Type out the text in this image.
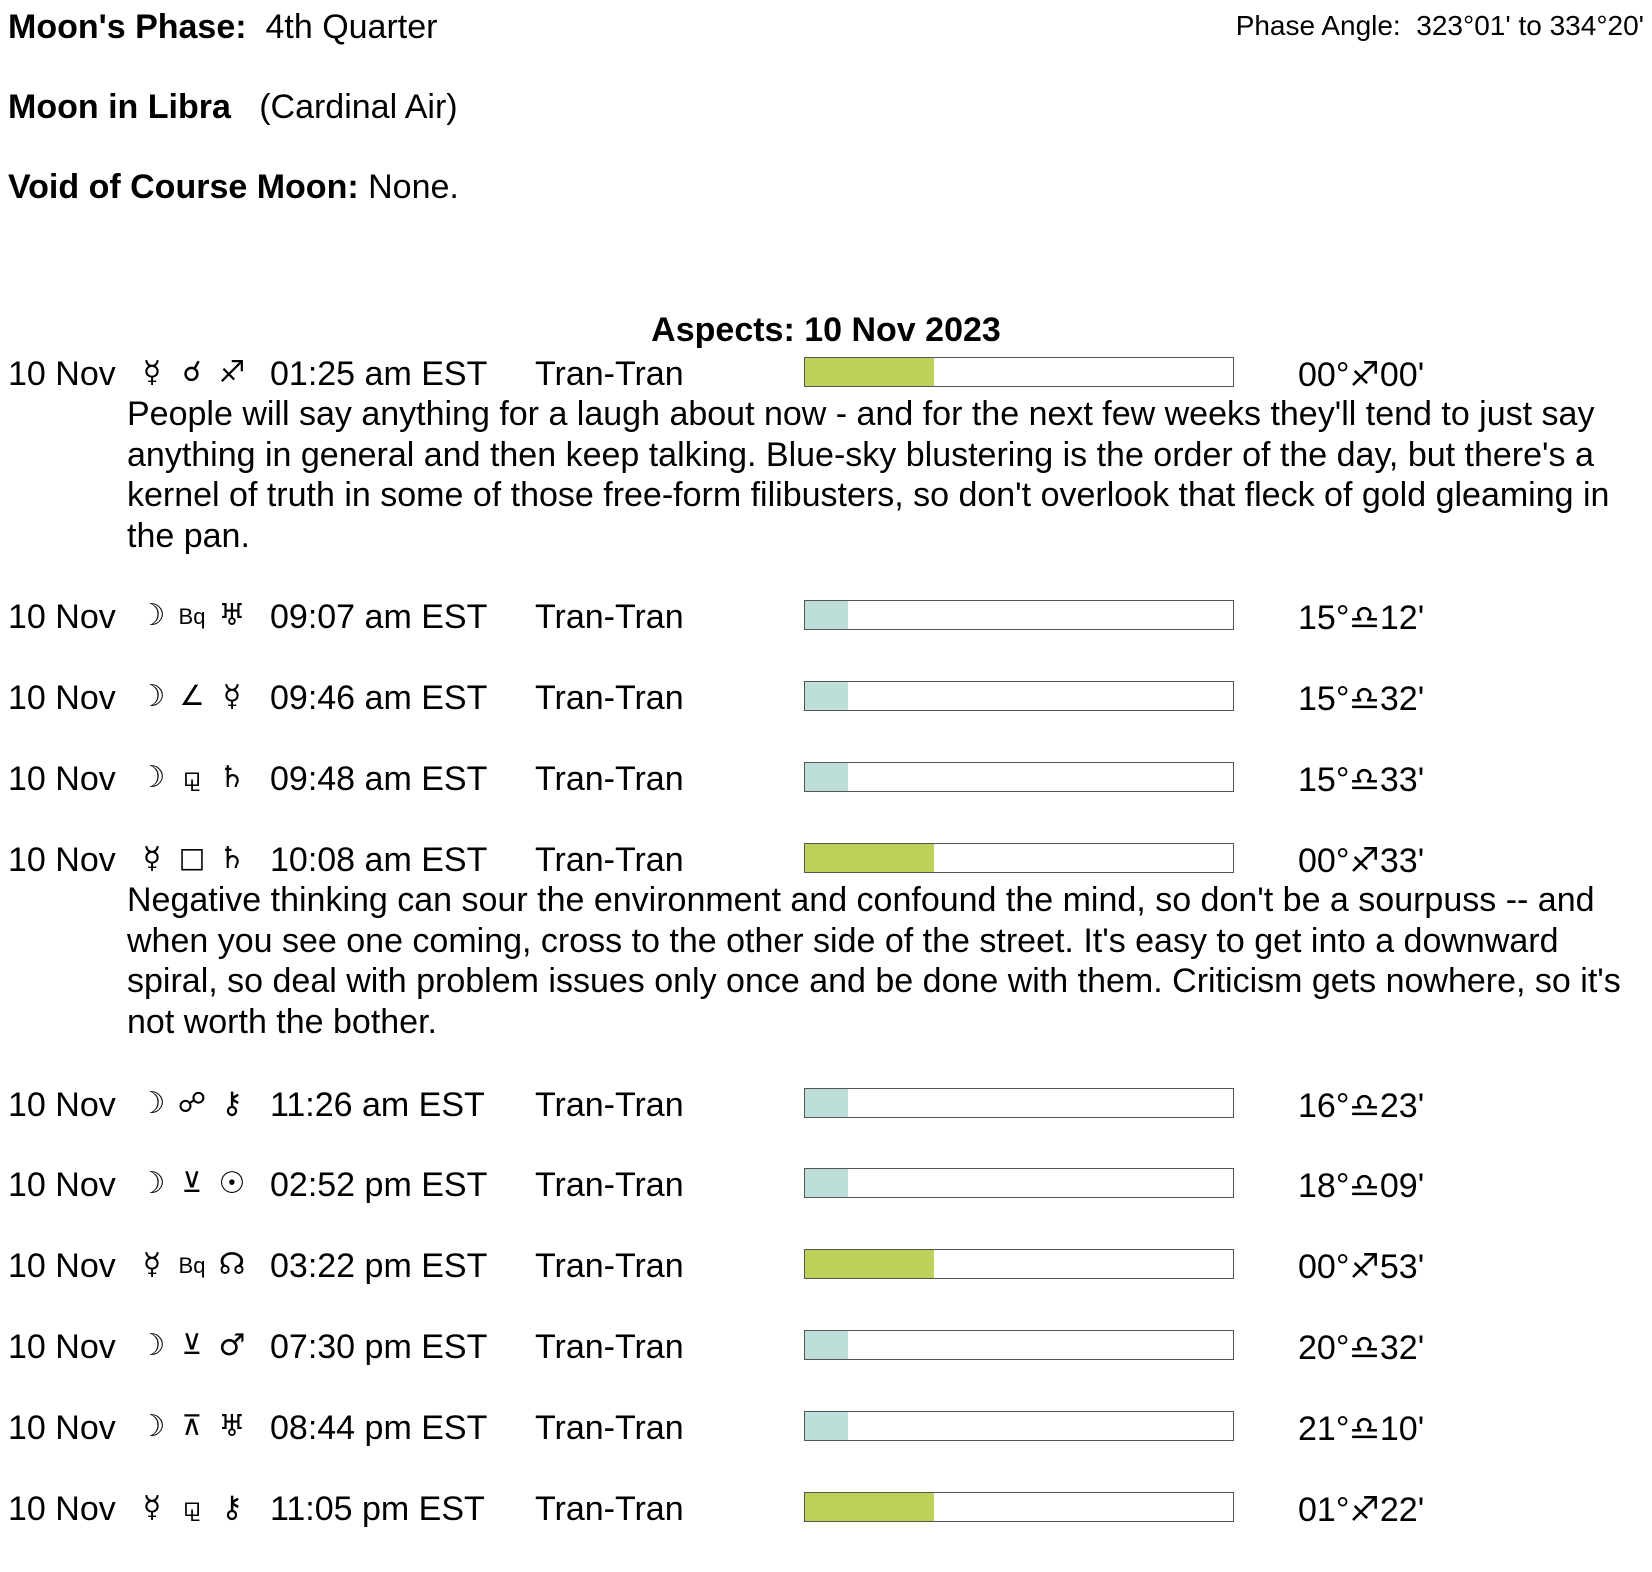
Moon's Phase: 4th Quarter	Phase Angle: 323°01' to 334°20'
Moon in Libra (Cardinal Air)
Void of Course Moon: None.
Aspects: 10 Nov 2023
10 Nov ☿ ☌ ♐ 01:25 am EST Tran-Tran	00°♐00'
People will say anything for a laugh about now - and for the next few weeks they'll tend to just say anything in general and then keep talking. Blue-sky blustering is the order of the day, but there's a kernel of truth in some of those free-form filibusters, so don't overlook that fleck of gold gleaming in the pan.
10 Nov ☽ Bq ♅ 09:07 am EST Tran-Tran	15°♎12'
10 Nov ☽ ∠ ☿ 09:46 am EST Tran-Tran	15°♎32'
10 Nov ☽ ⚼ ♄ 09:48 am EST Tran-Tran	15°♎33'
10 Nov ☿ □ ♄ 10:08 am EST Tran-Tran	00°♐33'
Negative thinking can sour the environment and confound the mind, so don't be a sourpuss -- and when you see one coming, cross to the other side of the street. It's easy to get into a downward spiral, so deal with problem issues only once and be done with them. Criticism gets nowhere, so it's not worth the bother.
10 Nov ☽ ☍ ⚷ 11:26 am EST Tran-Tran	16°♎23'
10 Nov ☽ ⊻ ☉ 02:52 pm EST Tran-Tran	18°♎09'
10 Nov ☿ Bq ☊ 03:22 pm EST Tran-Tran	00°♐53'
10 Nov ☽ ⊻ ♂ 07:30 pm EST Tran-Tran	20°♎32'
10 Nov ☽ ⊼ ♅ 08:44 pm EST Tran-Tran	21°♎10'
10 Nov ☿ ⚼ ⚷ 11:05 pm EST Tran-Tran	01°♐22'
